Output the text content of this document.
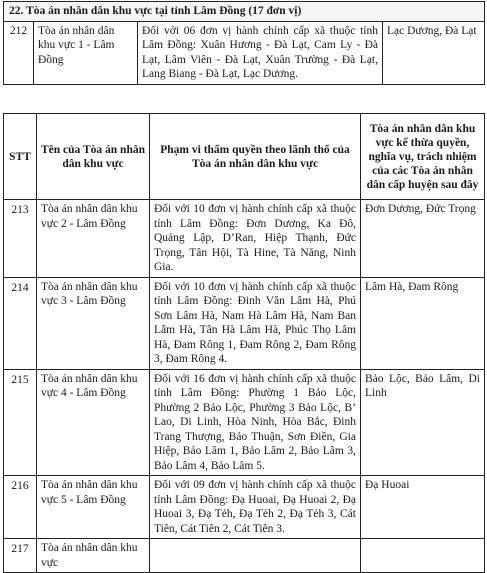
22. Tòa án nhân dân khu vực tại tỉnh Lâm Đồng (17 đơn vị)
212	Tòa án nhân dân khu vực 1 - Lâm Đồng	Đối với 06 đơn vị hành chính cấp xã thuộc tỉnh Lâm Đồng: Xuân Hương - Đà Lạt, Cam Ly - Đà Lạt, Lâm Viên - Đà Lạt, Xuân Trường - Đà Lạt, Lang Biang - Đà Lạt, Lạc Dương.	Lạc Dương, Đà Lạt
STT	Tên của Tòa án nhân dân khu vực	Phạm vi thẩm quyền theo lãnh thổ của Tòa án nhân dân khu vực	Tòa án nhân dân khu vực kế thừa quyền, nghĩa vụ, trách nhiệm của các Tòa án nhân dân cấp huyện sau đây
213	Tòa án nhân dân khu vực 2 - Lâm Đồng	Đối với 10 đơn vị hành chính cấp xã thuộc tỉnh Lâm Đồng: Đơn Dương, Ka Đô, Quảng Lập, D’Ran, Hiệp Thạnh, Đức Trọng, Tân Hội, Tà Hine, Tà Năng, Ninh Gia.	Đơn Dương, Đức Trọng
214	Tòa án nhân dân khu vực 3 - Lâm Đồng	Đối với 10 đơn vị hành chính cấp xã thuộc tỉnh Lâm Đồng: Đinh Văn Lâm Hà, Phú Sơn Lâm Hà, Nam Hà Lâm Hà, Nam Ban Lâm Hà, Tân Hà Lâm Hà, Phúc Thọ Lâm Hà, Đam Rông 1, Đam Rông 2, Đam Rông 3, Đam Rông 4.	Lâm Hà, Đam Rông
215	Tòa án nhân dân khu vực 4 - Lâm Đồng	Đối với 16 đơn vị hành chính cấp xã thuộc tỉnh Lâm Đồng: Phường 1 Bảo Lộc, Phường 2 Bảo Lộc, Phường 3 Bảo Lộc, B’ Lao, Di Linh, Hòa Ninh, Hòa Bắc, Đinh Trang Thượng, Bảo Thuận, Sơn Điền, Gia Hiệp, Bảo Lâm 1, Bảo Lâm 2, Bảo Lâm 3, Bảo Lâm 4, Bảo Lâm 5.	Bảo Lộc, Bảo Lâm, Di Linh
216	Tòa án nhân dân khu vực 5 - Lâm Đồng	Đối với 09 đơn vị hành chính cấp xã thuộc tỉnh Lâm Đồng: Đạ Huoai, Đạ Huoai 2, Đạ Huoai 3, Đạ Tẻh, Đạ Tẻh 2, Đạ Tẻh 3, Cát Tiên, Cát Tiên 2, Cát Tiên 3.	Đạ Huoai
217	Tòa án nhân dân khu vực		
